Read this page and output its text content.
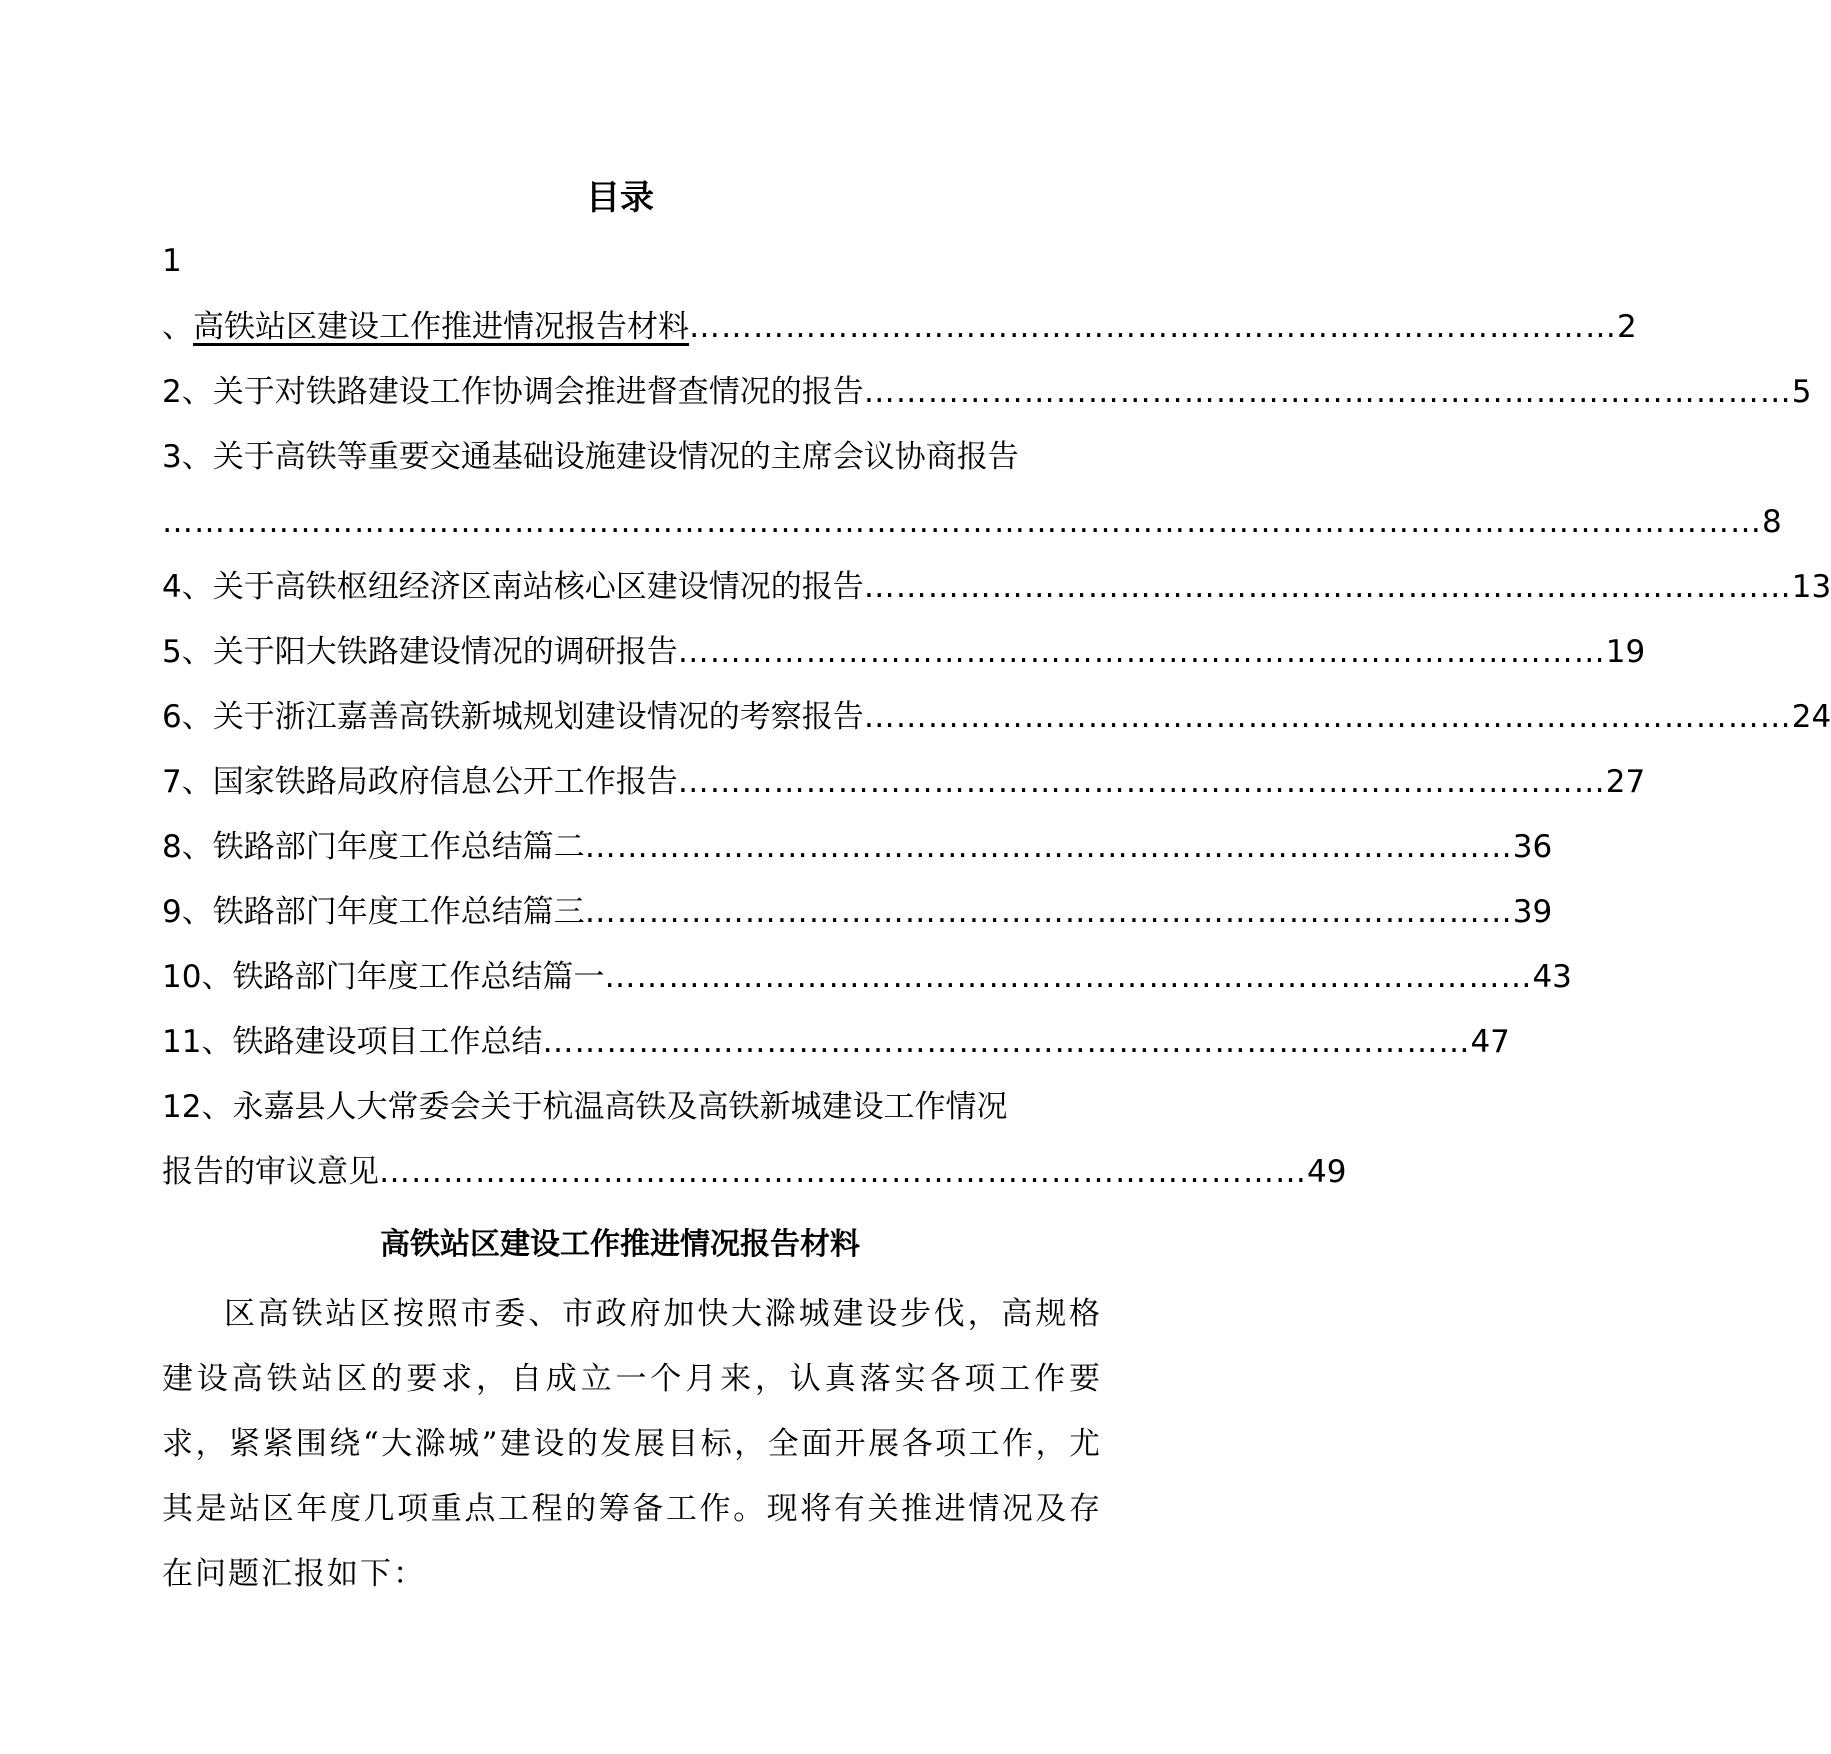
目录
1
、 高铁站区建设工作推进情况报告材料 …………………………………………………………………………… 2
2、关于对铁路建设工作协调会推进督查情况的报告 …………………………………………………………………………… 5
3、关于高铁等重要交通基础设施建设情况的主席会议协商报告
…………………………………………………………………………………………………………………………………… 8
4、关于高铁枢纽经济区南站核心区建设情况的报告 …………………………………………………………………………… 13
5、关于阳大铁路建设情况的调研报告 …………………………………………………………………………… 19
6、关于浙江嘉善高铁新城规划建设情况的考察报告 …………………………………………………………………………… 24
7、国家铁路局政府信息公开工作报告 …………………………………………………………………………… 27
8、铁路部门年度工作总结篇二 …………………………………………………………………………… 36
9、铁路部门年度工作总结篇三 …………………………………………………………………………… 39
10、铁路部门年度工作总结篇一 …………………………………………………………………………… 43
11、铁路建设项目工作总结 …………………………………………………………………………… 47
12、永嘉县人大常委会关于杭温高铁及高铁新城建设工作情况
报告的审议意见 …………………………………………………………………………… 49
高铁站区建设工作推进情况报告材料
区高铁站区按照市委、市政府加快大滁城建设步伐，高规格建设高铁站区的要求，自成立一个月来，认真落实各项工作要求，紧紧围绕“大滁城”建设的发展目标，全面开展各项工作，尤其是站区年度几项重点工程的筹备工作。现将有关推进情况及存在问题汇报如下：
